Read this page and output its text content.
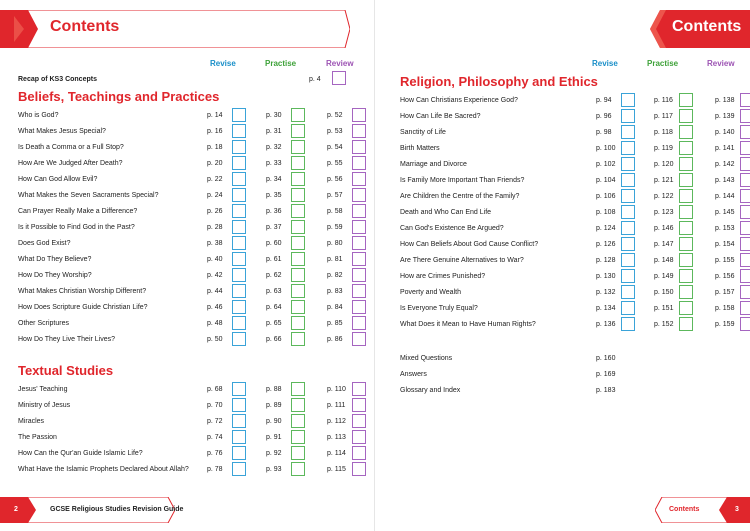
Contents
Revise	Practise	Review
Recap of KS3 Concepts	p. 4
Beliefs, Teachings and Practices
Who is God?	p. 14	p. 30	p. 52
What Makes Jesus Special?	p. 16	p. 31	p. 53
Is Death a Comma or a Full Stop?	p. 18	p. 32	p. 54
How Are We Judged After Death?	p. 20	p. 33	p. 55
How Can God Allow Evil?	p. 22	p. 34	p. 56
What Makes the Seven Sacraments Special?	p. 24	p. 35	p. 57
Can Prayer Really Make a Difference?	p. 26	p. 36	p. 58
Is it Possible to Find God in the Past?	p. 28	p. 37	p. 59
Does God Exist?	p. 38	p. 60	p. 80
What Do They Believe?	p. 40	p. 61	p. 81
How Do They Worship?	p. 42	p. 62	p. 82
What Makes Christian Worship Different?	p. 44	p. 63	p. 83
How Does Scripture Guide Christian Life?	p. 46	p. 64	p. 84
Other Scriptures	p. 48	p. 65	p. 85
How Do They Live Their Lives?	p. 50	p. 66	p. 86
Textual Studies
Jesus' Teaching	p. 68	p. 88	p. 110
Ministry of Jesus	p. 70	p. 89	p. 111
Miracles	p. 72	p. 90	p. 112
The Passion	p. 74	p. 91	p. 113
How Can the Qur'an Guide Islamic Life?	p. 76	p. 92	p. 114
What Have the Islamic Prophets Declared About Allah?	p. 78	p. 93	p. 115
2	GCSE Religious Studies Revision Guide
Contents
Revise	Practise	Review
Religion, Philosophy and Ethics
How Can Christians Experience God?	p. 94	p. 116	p. 138
How Can Life Be Sacred?	p. 96	p. 117	p. 139
Sanctity of Life	p. 98	p. 118	p. 140
Birth Matters	p. 100	p. 119	p. 141
Marriage and Divorce	p. 102	p. 120	p. 142
Is Family More Important Than Friends?	p. 104	p. 121	p. 143
Are Children the Centre of the Family?	p. 106	p. 122	p. 144
Death and Who Can End Life	p. 108	p. 123	p. 145
Can God's Existence Be Argued?	p. 124	p. 146	p. 153
How Can Beliefs About God Cause Conflict?	p. 126	p. 147	p. 154
Are There Genuine Alternatives to War?	p. 128	p. 148	p. 155
How are Crimes Punished?	p. 130	p. 149	p. 156
Poverty and Wealth	p. 132	p. 150	p. 157
Is Everyone Truly Equal?	p. 134	p. 151	p. 158
What Does it Mean to Have Human Rights?	p. 136	p. 152	p. 159
Mixed Questions	p. 160
Answers	p. 169
Glossary and Index	p. 183
Contents	3
